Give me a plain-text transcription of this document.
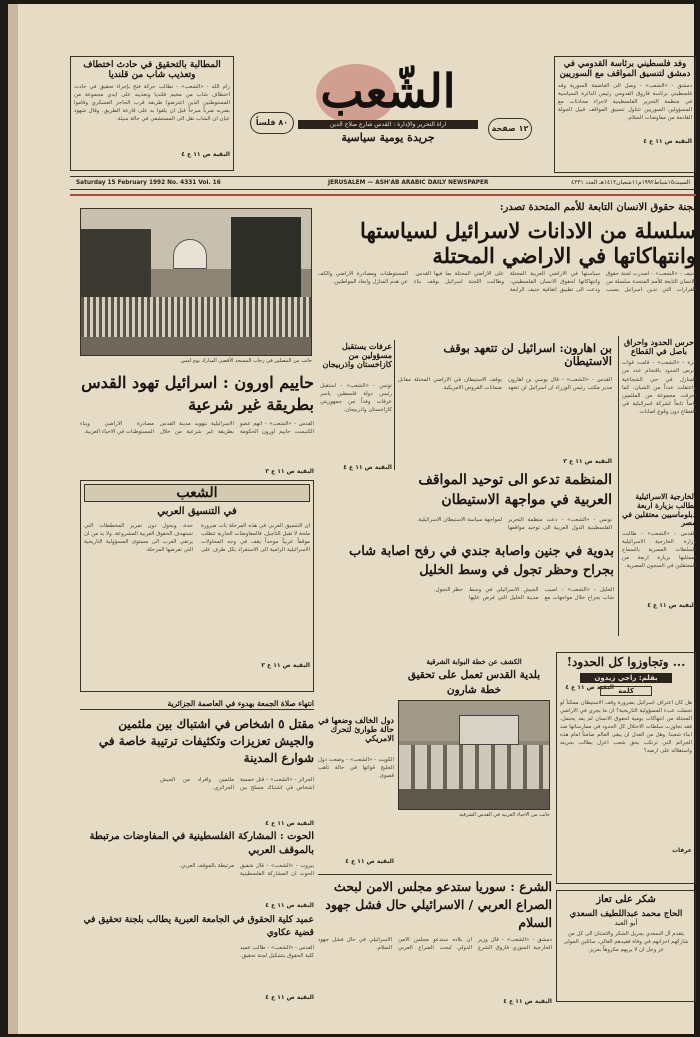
المطالبة بالتحقيق في حادث اختطاف وتعذيب شاب من قلنديا
رام الله - «الشعب» - تطالب حركة فتح بإجراء تحقيق في حادث اختطاف شاب من مخيم قلنديا وتعذيبه على ايدي مجموعة من المستوطنين الذين اعترضوا طريقه قرب الحاجز العسكري وقاموا بضربه ضرباً مبرحاً قبل ان يلقوا به على قارعة الطريق. وقال شهود عيان ان الشاب نقل الى المستشفى في حالة سيئة.
البقية ص ١١ ع ٤
الشّعب
اراة التحرير والإدارة : القدس شارع صلاح الدين
جريدة يومية سياسية
٨٠ فلساً
١٢ صفحة
وفد فلسطيني برئاسة القدومي في دمشق لتنسيق المواقف مع السوريين
دمشق - «الشعب» - وصل الى العاصمة السورية وفد فلسطيني برئاسة فاروق القدومي رئيس الدائرة السياسية في منظمة التحرير الفلسطينية لاجراء محادثات مع المسؤولين السوريين تتناول تنسيق المواقف قبيل الجولة القادمة من مفاوضات السلام.
البقية ص ١١ ع ٤
Saturday 15 February 1992 No. 4331 Vol. 16	JERUSALEM — ASH'AB ARABIC DAILY NEWSPAPER	السبت١٥شباط١٩٩٢م١١شعبان١٤١٢هـ العدد ٤٣٣١
لجنة حقوق الانسان التابعة للأمم المتحدة تصدر:
سلسلة من الادانات لاسرائيل لسياستها وانتهاكاتها في الاراضي المحتلة
جنيف - «الشعب» - اصدرت لجنة حقوق الانسان التابعة للأمم المتحدة سلسلة من القرارات التي تدين اسرائيل بسبب سياستها في الاراضي العربية المحتلة وانتهاكاتها لحقوق الانسان الفلسطيني، ودعت الى تطبيق اتفاقية جنيف الرابعة على الاراضي المحتلة بما فيها القدس. وطالبت اللجنة اسرائيل بوقف بناء المستوطنات ومصادرة الاراضي والكف عن هدم المنازل وابعاد المواطنين.
جانب من المصلين في رحاب المسجد الأقصى المبارك يوم امس
حرس الحدود واحراق باصل في القطاع
غزة - «الشعب» - قامت قوات حرس الحدود باقتحام عدد من المنازل في حي الشجاعية واعتقلت عدداً من الشبان، كما احرقت مجموعة من الملثمين باصاً تابعاً لشركة اسرائيلية في القطاع دون وقوع اصابات.
الخارجية الاسرائيلية تطالب بزيارة اربعة دبلوماسيين معتقلين في مصر
القدس - «الشعب» - طالبت وزارة الخارجية الاسرائيلية السلطات المصرية بالسماح لممثليها بزيارة اربعة من المعتقلين في السجون المصرية.
البقية ص ١١ ع ٤
بن اهارون: اسرائيل لن تتعهد بوقف الاستيطان
القدس - «الشعب» - قال يوسي بن اهارون مدير مكتب رئيس الوزراء ان اسرائيل لن تتعهد بوقف الاستيطان في الاراضي المحتلة مقابل ضمانات القروض الامريكية.
البقية ص ١١ ع ٣
عرفات يستقبل مسؤولين من كازاخستان واذربيجان
تونس - «الشعب» - استقبل رئيس دولة فلسطين ياسر عرفات وفداً من جمهوريتي كازاخستان واذربيجان.
البقية ص ١١ ع ٤
حاييم اورون : اسرائيل تهود القدس بطريقة غير شرعية
القدس - «الشعب» - اتهم عضو الكنيست حاييم اورون الحكومة الاسرائيلية بتهويد مدينة القدس بطريقة غير شرعية من خلال مصادرة الاراضي وبناء المستوطنات في الاحياء العربية.
البقية ص ١١ ع ٣
المنظمة تدعو الى توحيد المواقف العربية في مواجهة الاستيطان
تونس - «الشعب» - دعت منظمة التحرير الفلسطينية الدول العربية الى توحيد مواقفها لمواجهة سياسة الاستيطان الاسرائيلية.
الشعب
في التنسيق العربي
ان التنسيق العربي في هذه المرحلة بات ضرورة ملحة لا تقبل التأجيل، فالمفاوضات الجارية تتطلب موقفاً عربياً موحداً يقف في وجه المحاولات الاسرائيلية الرامية الى الاستفراد بكل طرف على حدة، ويحول دون تمرير المخططات التي تستهدف الحقوق العربية المشروعة. ولا بد من ان يرتقي العرب الى مستوى المسؤولية التاريخية التي تفرضها المرحلة.
البقية ص ١١ ع ٣
بدوية في جنين واصابة جندي في رفح اصابة شاب بجراح وحظر تجول في وسط الخليل
الخليل - «الشعب» - اصيب شاب بجراح خلال مواجهات مع الجيش الاسرائيلي في وسط مدينة الخليل التي فرض عليها حظر التجول.
البقية ص ١١ ع ٤
انتهاء صلاة الجمعة بهدوء في العاصمة الجزائرية
مقتل ٥ اشخاص في اشتباك بين ملثمين والجيش تعزيزات وتكثيفات ترتيبة خاصة في شوارع المدينة
الجزائر - «الشعب» - قتل خمسة اشخاص في اشتباك مسلح بين ملثمين وافراد من الجيش الجزائري.
البقية ص ١١ ع ٤
دول الخالف وضعها في حالة طوارئ لتحرك الامريكي
الكويت - «الشعب» - وضعت دول الخليج قواتها في حالة تأهب قصوى.
البقية ص ١١ ع ٤
الحوت : المشاركة الفلسطينية في المفاوضات مرتبطة بالموقف العربي
بيروت - «الشعب» - قال شفيق الحوت ان المشاركة الفلسطينية مرتبطة بالموقف العربي.
البقية ص ١١ ع ٤
عميد كلية الحقوق في الجامعة العبرية يطالب بلجنة تحقيق في قضية عكاوي
القدس - «الشعب» - طالب عميد كلية الحقوق بتشكيل لجنة تحقيق.
البقية ص ١١ ع ٤
الكشف عن خطة البوابة الشرقية
بلدية القدس تعمل على تحقيق خطة شارون
جانب من الاحياء العربية في القدس الشرقية
الشرع : سوريا ستدعو مجلس الامن لبحث الصراع العربي / الاسرائيلي حال فشل جهود السلام
دمشق - «الشعب» - قال وزير الخارجية السوري فاروق الشرع ان بلاده ستدعو مجلس الامن الدولي لبحث الصراع العربي الاسرائيلي في حال فشل جهود السلام.
البقية ص ١١ ع ٤
... وتجاوزوا كل الحدود!
بقلم: راجي زيدون
كلمة
هل كان اعتراف اسرائيل بضرورة وقف الاستيطان ممكناً لو تحملت عبء المسؤولية التاريخية؟ ان ما يجري في الاراضي المحتلة من انتهاكات يومية لحقوق الانسان لم يعد يحتمل، فقد تجاوزت سلطات الاحتلال كل الحدود في ممارساتها ضد ابناء شعبنا. وهل من العدل ان يبقى العالم صامتاً امام هذه الجرائم التي ترتكب بحق شعب اعزل يطالب بحريته واستقلاله على ارضه؟
عرفات
شكر على تعاز
الحاج محمد عبداللطيف السعدي
أبو العبد
يتقدم آل السعدي بجزيل الشكر والامتنان الى كل من شاركهم احزانهم في وفاة فقيدهم الغالي، سائلين المولى عز وجل ان لا يريهم مكروهاً بعزيز.
